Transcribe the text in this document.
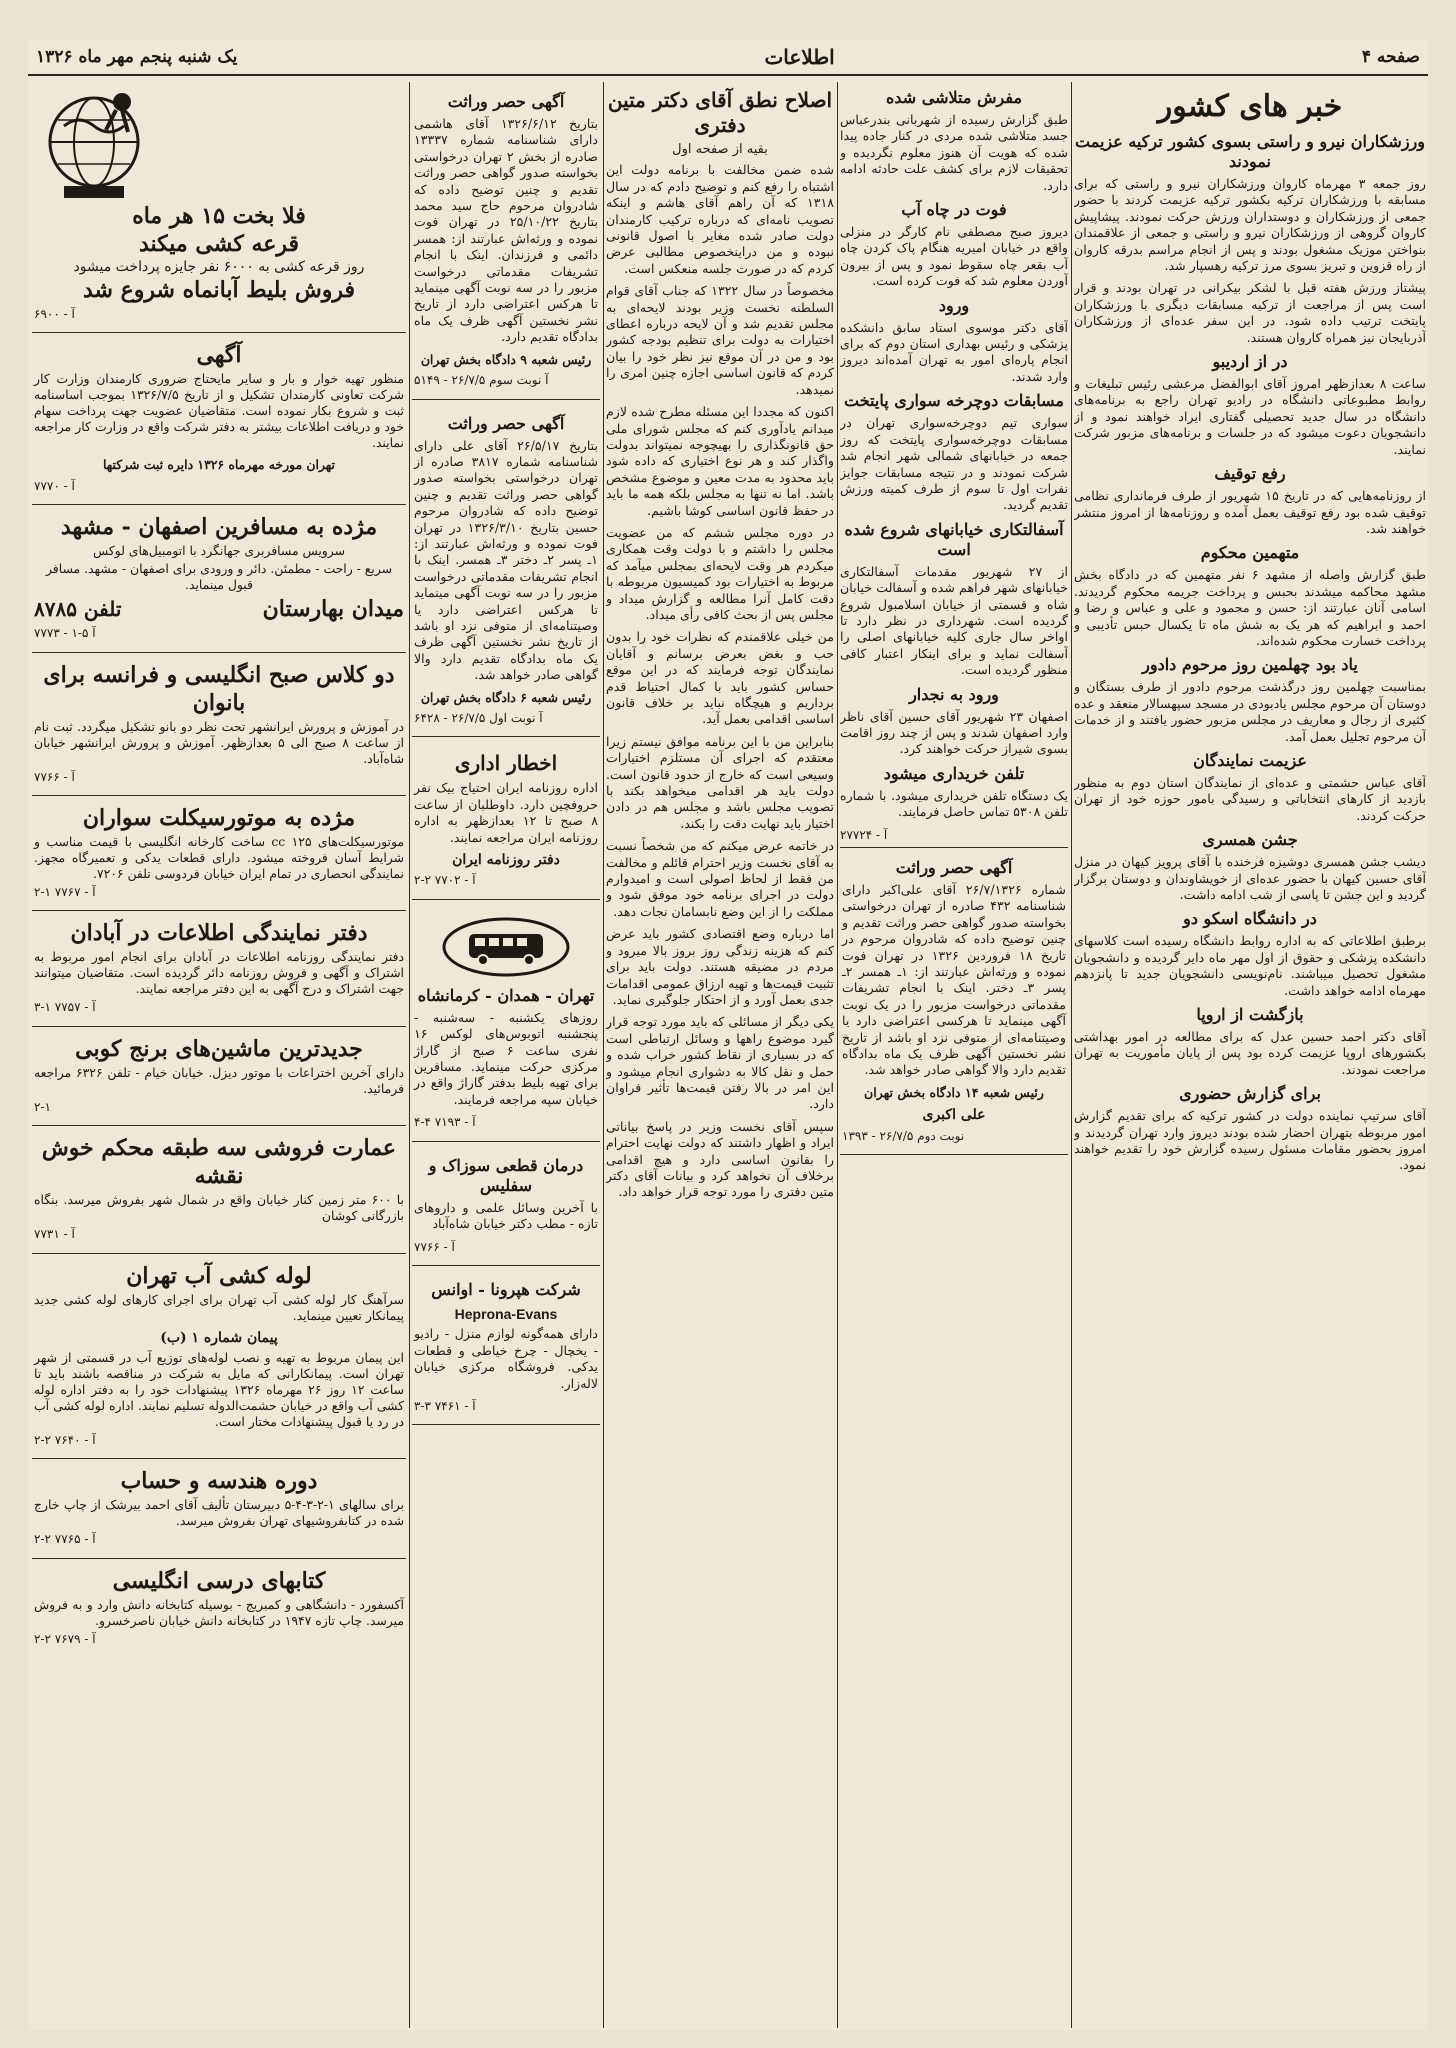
صفحه ۴
اطلاعات
یک شنبه پنجم مهر ماه ۱۳۲۶
خبر های کشور
ورزشکاران نیرو و راستی بسوی کشور ترکیه عزیمت نمودند

روز جمعه ۳ مهرماه کاروان ورزشکاران نیرو و راستی که برای مسابقه با ورزشکاران ترکیه بکشور ترکیه عزیمت کردند با حضور جمعی از ورزشکاران و دوستداران ورزش حرکت نمودند. پیشاپیش کاروان گروهی از ورزشکاران نیرو و راستی و جمعی از علاقمندان بنواختن موزیک مشغول بودند و پس از انجام مراسم بدرقه کاروان از راه قزوین و تبریز بسوی مرز ترکیه رهسپار شد.

پیشتاز ورزش هفته قبل با لشکر بیکرانی در تهران بودند و قرار است پس از مراجعت از ترکیه مسابقات دیگری با ورزشکاران پایتخت ترتیب داده شود. در این سفر عده‌ای از ورزشکاران آذربایجان نیز همراه کاروان هستند.

در از اردیبو

ساعت ۸ بعدازظهر امروز آقای ابوالفضل مرعشی رئیس تبلیغات و روابط مطبوعاتی دانشگاه در رادیو تهران راجع به برنامه‌های دانشگاه در سال جدید تحصیلی گفتاری ایراد خواهند نمود و از دانشجویان دعوت میشود که در جلسات و برنامه‌های مزبور شرکت نمایند.

رفع توقیف

از روزنامه‌هایی که در تاریخ ۱۵ شهریور از طرف فرمانداری نظامی توقیف شده بود رفع توقیف بعمل آمده و روزنامه‌ها از امروز منتشر خواهند شد.

متهمین محکوم

طبق گزارش واصله از مشهد ۶ نفر متهمین که در دادگاه بخش مشهد محاکمه میشدند بحبس و پرداخت جریمه محکوم گردیدند. اسامی آنان عبارتند از: حسن و محمود و علی و عباس و رضا و احمد و ابراهیم که هر یک به شش ماه تا یکسال حبس تأدیبی و پرداخت خسارت محکوم شده‌اند.

یاد بود چهلمین روز مرحوم دادور

بمناسبت چهلمین روز درگذشت مرحوم دادور از طرف بستگان و دوستان آن مرحوم مجلس یادبودی در مسجد سپهسالار منعقد و عده کثیری از رجال و معاریف در مجلس مزبور حضور یافتند و از خدمات آن مرحوم تجلیل بعمل آمد.

عزیمت نمایندگان

آقای عباس حشمتی و عده‌ای از نمایندگان استان دوم به منظور بازدید از کارهای انتخاباتی و رسیدگی بامور حوزه خود از تهران حرکت کردند.

جشن همسری

دیشب جشن همسری دوشیزه فرخنده با آقای پرویز کیهان در منزل آقای حسین کیهان با حضور عده‌ای از خویشاوندان و دوستان برگزار گردید و این جشن تا پاسی از شب ادامه داشت.

در دانشگاه اسکو دو

برطبق اطلاعاتی که به اداره روابط دانشگاه رسیده است کلاسهای دانشکده پزشکی و حقوق از اول مهر ماه دایر گردیده و دانشجویان مشغول تحصیل میباشند. نام‌نویسی دانشجویان جدید تا پانزدهم مهرماه ادامه خواهد داشت.

بازگشت از اروپا

آقای دکتر احمد حسین عدل که برای مطالعه در امور بهداشتی بکشورهای اروپا عزیمت کرده بود پس از پایان مأموریت به تهران مراجعت نمودند.

برای گزارش حضوری

آقای سرتیپ نماینده دولت در کشور ترکیه که برای تقدیم گزارش امور مربوطه بتهران احضار شده بودند دیروز وارد تهران گردیدند و امروز بحضور مقامات مسئول رسیده گزارش خود را تقدیم خواهند نمود.

مفرش متلاشی شده

طبق گزارش رسیده از شهربانی بندرعباس جسد متلاشی شده مردی در کنار جاده پیدا شده که هویت آن هنوز معلوم نگردیده و تحقیقات لازم برای کشف علت حادثه ادامه دارد.

فوت در چاه آب

دیروز صبح مصطفی نام کارگر در منزلی واقع در خیابان امیریه هنگام پاک کردن چاه آب بقعر چاه سقوط نمود و پس از بیرون آوردن معلوم شد که فوت کرده است.

ورود

آقای دکتر موسوی استاد سابق دانشکده پزشکی و رئیس بهداری استان دوم که برای انجام پاره‌ای امور به تهران آمده‌اند دیروز وارد شدند.

مسابقات دوچرخه سواری پایتخت

سواری تیم دوچرخه‌سواری تهران در مسابقات دوچرخه‌سواری پایتخت که روز جمعه در خیابانهای شمالی شهر انجام شد شرکت نمودند و در نتیجه مسابقات جوایز نفرات اول تا سوم از طرف کمیته ورزش تقدیم گردید.

آسفالتکاری خیابانهای شروع شده است

از ۲۷ شهریور مقدمات آسفالتکاری خیابانهای شهر فراهم شده و آسفالت خیابان شاه و قسمتی از خیابان اسلامبول شروع گردیده است. شهرداری در نظر دارد تا اواخر سال جاری کلیه خیابانهای اصلی را آسفالت نماید و برای اینکار اعتبار کافی منظور گردیده است.

ورود به نجدار

اصفهان ۲۳ شهریور آقای حسین آقای ناظر وارد اصفهان شدند و پس از چند روز اقامت بسوی شیراز حرکت خواهند کرد.

تلفن خریداری میشود

یک دستگاه تلفن خریداری میشود. با شماره تلفن ۵۳۰۸ تماس حاصل فرمایند.

۲۷۷۲۴ - آ
آگهی حصر وراثت

شماره ۲۶/۷/۱۳۲۶ آقای علی‌اکبر دارای شناسنامه ۴۳۲ صادره از تهران درخواستی بخواسته صدور گواهی حصر وراثت تقدیم و چنین توضیح داده که شادروان مرحوم در تاریخ ۱۸ فروردین ۱۳۲۶ در تهران فوت نموده و ورثه‌اش عبارتند از: ۱ـ همسر ۲ـ پسر ۳ـ دختر. اینک با انجام تشریفات مقدماتی درخواست مزبور را در یک نوبت آگهی مینماید تا هرکسی اعتراضی دارد یا وصیتنامه‌ای از متوفی نزد او باشد از تاریخ نشر نخستین آگهی ظرف یک ماه بدادگاه تقدیم دارد والا گواهی صادر خواهد شد.

رئیس شعبه ۱۴ دادگاه بخش تهران
علی اکبری
نوبت دوم ۲۶/۷/۵ - ۱۳۹۳
اصلاح نطق آقای دکتر متین دفتری
بقیه از صفحه اول

شده ضمن مخالفت با برنامه دولت این اشتباه را رفع کنم و توضیح دادم که در سال ۱۳۱۸ که آن راهم آقای هاشم و اینکه تصویب نامه‌ای که درباره ترکیب کارمندان دولت صادر شده مغایر با اصول قانونی نبوده و من دراینخصوص مطالبی عرض کردم که در صورت جلسه منعکس است.

مخصوصاً در سال ۱۳۲۲ که جناب آقای قوام السلطنه نخست وزیر بودند لایحه‌ای به مجلس تقدیم شد و آن لایحه درباره اعطای اختیارات به دولت برای تنظیم بودجه کشور بود و من در آن موقع نیز نظر خود را بیان کردم که قانون اساسی اجازه چنین امری را نمیدهد.

اکنون که مجددا این مسئله مطرح شده لازم میدانم یادآوری کنم که مجلس شورای ملی حق قانونگذاری را بهیچوجه نمیتواند بدولت واگذار کند و هر نوع اختیاری که داده شود باید محدود به مدت معین و موضوع مشخص باشد. اما نه تنها به مجلس بلکه همه ما باید در حفظ قانون اساسی کوشا باشیم.

در دوره مجلس ششم که من عضویت مجلس را داشتم و با دولت وقت همکاری میکردم هر وقت لایحه‌ای بمجلس میآمد که مربوط به اختیارات بود کمیسیون مربوطه با دقت کامل آنرا مطالعه و گزارش میداد و مجلس پس از بحث کافی رأی میداد.

من خیلی علاقمندم که نظرات خود را بدون حب و بغض بعرض برسانم و آقایان نمایندگان توجه فرمایند که در این موقع حساس کشور باید با کمال احتیاط قدم برداریم و هیچگاه نباید بر خلاف قانون اساسی اقدامی بعمل آید.

بنابراین من با این برنامه موافق نیستم زیرا معتقدم که اجرای آن مستلزم اختیارات وسیعی است که خارج از حدود قانون است. دولت باید هر اقدامی میخواهد بکند با تصویب مجلس باشد و مجلس هم در دادن اختیار باید نهایت دقت را بکند.

در خاتمه عرض میکنم که من شخصاً نسبت به آقای نخست وزیر احترام قائلم و مخالفت من فقط از لحاظ اصولی است و امیدوارم دولت در اجرای برنامه خود موفق شود و مملکت را از این وضع نابسامان نجات دهد.

اما درباره وضع اقتصادی کشور باید عرض کنم که هزینه زندگی روز بروز بالا میرود و مردم در مضیقه هستند. دولت باید برای تثبیت قیمت‌ها و تهیه ارزاق عمومی اقدامات جدی بعمل آورد و از احتکار جلوگیری نماید.

یکی دیگر از مسائلی که باید مورد توجه قرار گیرد موضوع راهها و وسائل ارتباطی است که در بسیاری از نقاط کشور خراب شده و حمل و نقل کالا به دشواری انجام میشود و این امر در بالا رفتن قیمت‌ها تأثیر فراوان دارد.

سپس آقای نخست وزیر در پاسخ بیاناتی ایراد و اظهار داشتند که دولت نهایت احترام را بقانون اساسی دارد و هیچ اقدامی برخلاف آن نخواهد کرد و بیانات آقای دکتر متین دفتری را مورد توجه قرار خواهد داد.

آگهی حصر وراثت

بتاریخ ۱۳۲۶/۶/۱۲ آقای هاشمی دارای شناسنامه شماره ۱۳۳۳۷ صادره از بخش ۲ تهران درخواستی بخواسته صدور گواهی حصر وراثت تقدیم و چنین توضیح داده که شادروان مرحوم حاج سید محمد بتاریخ ۲۵/۱۰/۲۲ در تهران فوت نموده و ورثه‌اش عبارتند از: همسر دائمی و فرزندان. اینک با انجام تشریفات مقدماتی درخواست مزبور را در سه نوبت آگهی مینماید تا هرکس اعتراضی دارد از تاریخ نشر نخستین آگهی ظرف یک ماه بدادگاه تقدیم دارد.

رئیس شعبه ۹ دادگاه بخش تهران
۵۱۴۹ - آ نوبت سوم ۲۶/۷/۵
آگهی حصر وراثت

بتاریخ ۲۶/۵/۱۷ آقای علی دارای شناسنامه شماره ۳۸۱۷ صادره از تهران درخواستی بخواسته صدور گواهی حصر وراثت تقدیم و چنین توضیح داده که شادروان مرحوم حسین بتاریخ ۱۳۲۶/۳/۱۰ در تهران فوت نموده و ورثه‌اش عبارتند از: ۱ـ پسر ۲ـ دختر ۳ـ همسر. اینک با انجام تشریفات مقدماتی درخواست مزبور را در سه نوبت آگهی مینماید تا هرکس اعتراضی دارد یا وصیتنامه‌ای از متوفی نزد او باشد از تاریخ نشر نخستین آگهی ظرف یک ماه بدادگاه تقدیم دارد والا گواهی صادر خواهد شد.

رئیس شعبه ۶ دادگاه بخش تهران
۶۴۲۸ - آ نوبت اول ۲۶/۷/۵
اخطار اداری

اداره روزنامه ایران احتیاج بیک نفر حروفچین دارد. داوطلبان از ساعت ۸ صبح تا ۱۲ بعدازظهر به اداره روزنامه ایران مراجعه نمایند.

دفتر روزنامه ایران
۲-۲ ۷۷۰۲ - آ
تهران - همدان - کرمانشاه

روزهای یکشنبه - سه‌شنبه - پنجشنبه اتوبوس‌های لوکس ۱۶ نفری ساعت ۶ صبح از گاراژ مرکزی حرکت مینماید. مسافرین برای تهیه بلیط بدفتر گاراژ واقع در خیابان سپه مراجعه فرمایند.

۴-۴ ۷۱۹۳ - آ
درمان قطعی سوزاک و سفلیس

با آخرین وسائل علمی و داروهای تازه - مطب دکتر خیابان شاه‌آباد

۷۷۶۶ - آ
شرکت هپرونا - اوانس
Heprona-Evans

دارای همه‌گونه لوازم منزل - رادیو - یخچال - چرخ خیاطی و قطعات یدکی. فروشگاه مرکزی خیابان لاله‌زار.

۳-۳ ۷۴۶۱ - آ
فلا بخت ۱۵ هر ماه
قرعه کشی میکند
روز قرعه کشی به ۶۰۰۰ نفر جایزه پرداخت میشود
فروش بلیط آبانماه شروع شد
۶۹۰۰ - آ
آگهی

منظور تهیه خوار و بار و سایر مایحتاج ضروری کارمندان وزارت کار شرکت تعاونی کارمندان تشکیل و از تاریخ ۱۳۲۶/۷/۵ بموجب اساسنامه ثبت و شروع بکار نموده است. متقاضیان عضویت جهت پرداخت سهام خود و دریافت اطلاعات بیشتر به دفتر شرکت واقع در وزارت کار مراجعه نمایند.

تهران مورخه مهرماه ۱۳۲۶ دایره ثبت شرکتها
۷۷۷۰ - آ
مژده به مسافرین اصفهان - مشهد

سرویس مسافربری جهانگرد با اتومبیل‌های لوکس

سریع - راحت - مطمئن. دائر و ورودی برای اصفهان - مشهد. مسافر قبول مینماید.

میدان بهارستان
تلفن ۸۷۸۵
۷۷۷۳ - آ ۵-۱
دو کلاس صبح انگلیسی و فرانسه برای بانوان

در آموزش و پرورش ایرانشهر تحت نظر دو بانو تشکیل میگردد. ثبت نام از ساعت ۸ صبح الی ۵ بعدازظهر. آموزش و پرورش ایرانشهر خیابان شاه‌آباد.

۷۷۶۶ - آ
مژده به موتورسیکلت سواران

موتورسیکلت‌های ۱۲۵ cc ساخت کارخانه انگلیسی با قیمت مناسب و شرایط آسان فروخته میشود. دارای قطعات یدکی و تعمیرگاه مجهز. نمایندگی انحصاری در تمام ایران خیابان فردوسی تلفن ۷۲۰۶.

۲-۱ ۷۷۶۷ - آ
دفتر نمایندگی اطلاعات در آبادان

دفتر نمایندگی روزنامه اطلاعات در آبادان برای انجام امور مربوط به اشتراک و آگهی و فروش روزنامه دائر گردیده است. متقاضیان میتوانند جهت اشتراک و درج آگهی به این دفتر مراجعه نمایند.

۳-۱ ۷۷۵۷ - آ
جدیدترین ماشین‌های برنج کوبی

دارای آخرین اختراعات با موتور دیزل. خیابان خیام - تلفن ۶۳۲۶ مراجعه فرمائید.

۲-۱
عمارت فروشی سه طبقه محکم خوش نقشه

با ۶۰۰ متر زمین کنار خیابان واقع در شمال شهر بفروش میرسد. بنگاه بازرگانی کوشان

۷۷۳۱ - آ
لوله کشی آب تهران

سرآهنگ کار لوله کشی آب تهران برای اجرای کارهای لوله کشی جدید پیمانکار تعیین مینماید.

پیمان شماره ۱ (ب)

این پیمان مربوط به تهیه و نصب لوله‌های توزیع آب در قسمتی از شهر تهران است. پیمانکارانی که مایل به شرکت در مناقصه باشند باید تا ساعت ۱۲ روز ۲۶ مهرماه ۱۳۲۶ پیشنهادات خود را به دفتر اداره لوله کشی آب واقع در خیابان حشمت‌الدوله تسلیم نمایند. اداره لوله کشی آب در رد یا قبول پیشنهادات مختار است.

۲-۲ ۷۶۴۰ - آ
دوره هندسه و حساب

برای سالهای ۱-۲-۳-۴-۵ دبیرستان تألیف آقای احمد بیرشک از چاپ خارج شده در کتابفروشیهای تهران بفروش میرسد.

۲-۲ ۷۷۶۵ - آ
کتابهای درسی انگلیسی

آکسفورد - دانشگاهی و کمبریج - بوسیله کتابخانه دانش وارد و به فروش میرسد. چاپ تازه ۱۹۴۷ در کتابخانه دانش خیابان ناصرخسرو.

۲-۲ ۷۶۷۹ - آ
